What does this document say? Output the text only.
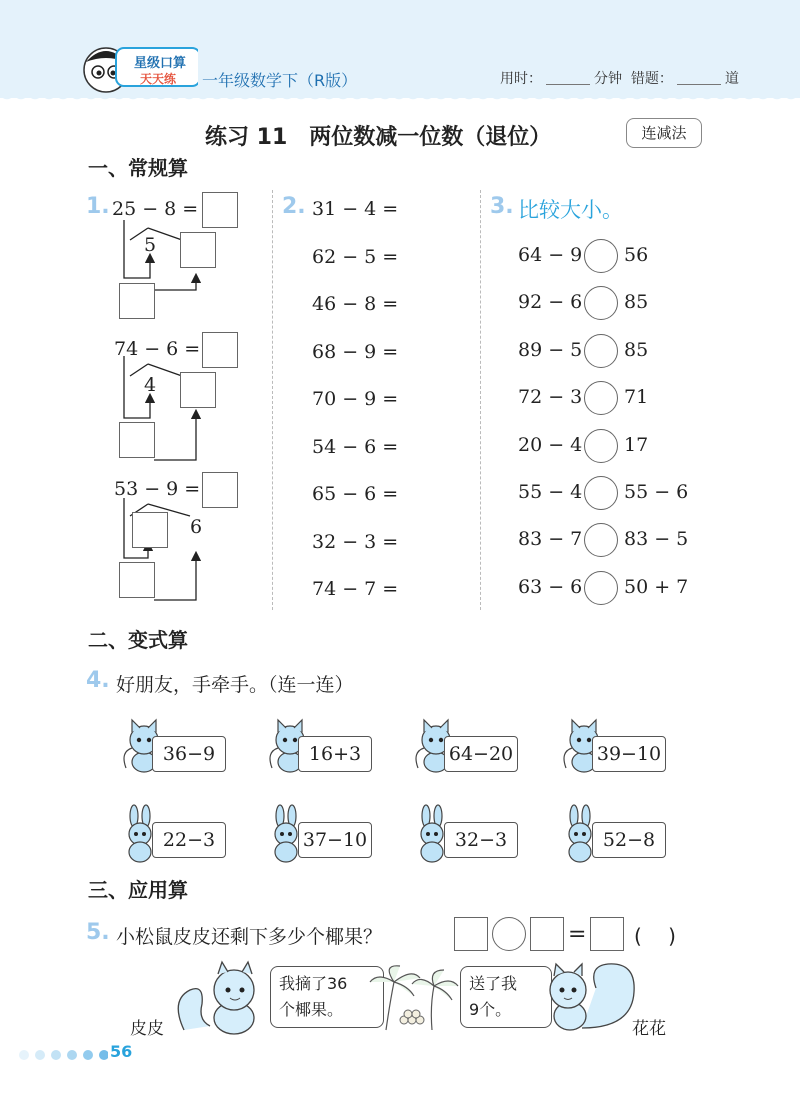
星级口算
天天练 一年级数学下（R版）	用时：	分钟 错题：	道
练习 11　两位数减一位数（退位）	连减法
一、常规算
1. 25 − 8 =
5
74 − 6 =
4
53 − 9 =
6
2. 31 − 4 =
62 − 5 =
46 − 8 =
68 − 9 =
70 − 9 =
54 − 6 =
65 − 6 =
32 − 3 =
74 − 7 =
3. 比较大小。
64 − 9 56
92 − 6 85
89 − 5 85
72 − 3 71
20 − 4 17
55 − 4 55 − 6
83 − 7 83 − 5
63 − 6 50 + 7
二、变式算
4. 好朋友，手牵手。（连一连）
36−9	16+3	64−20	39−10
22−3	37−10	32−3	52−8
三、应用算
5. 小松鼠皮皮还剩下多少个椰果？	= (　 )
皮皮
我摘了36
个椰果。
送了我
9个。
花花
56
